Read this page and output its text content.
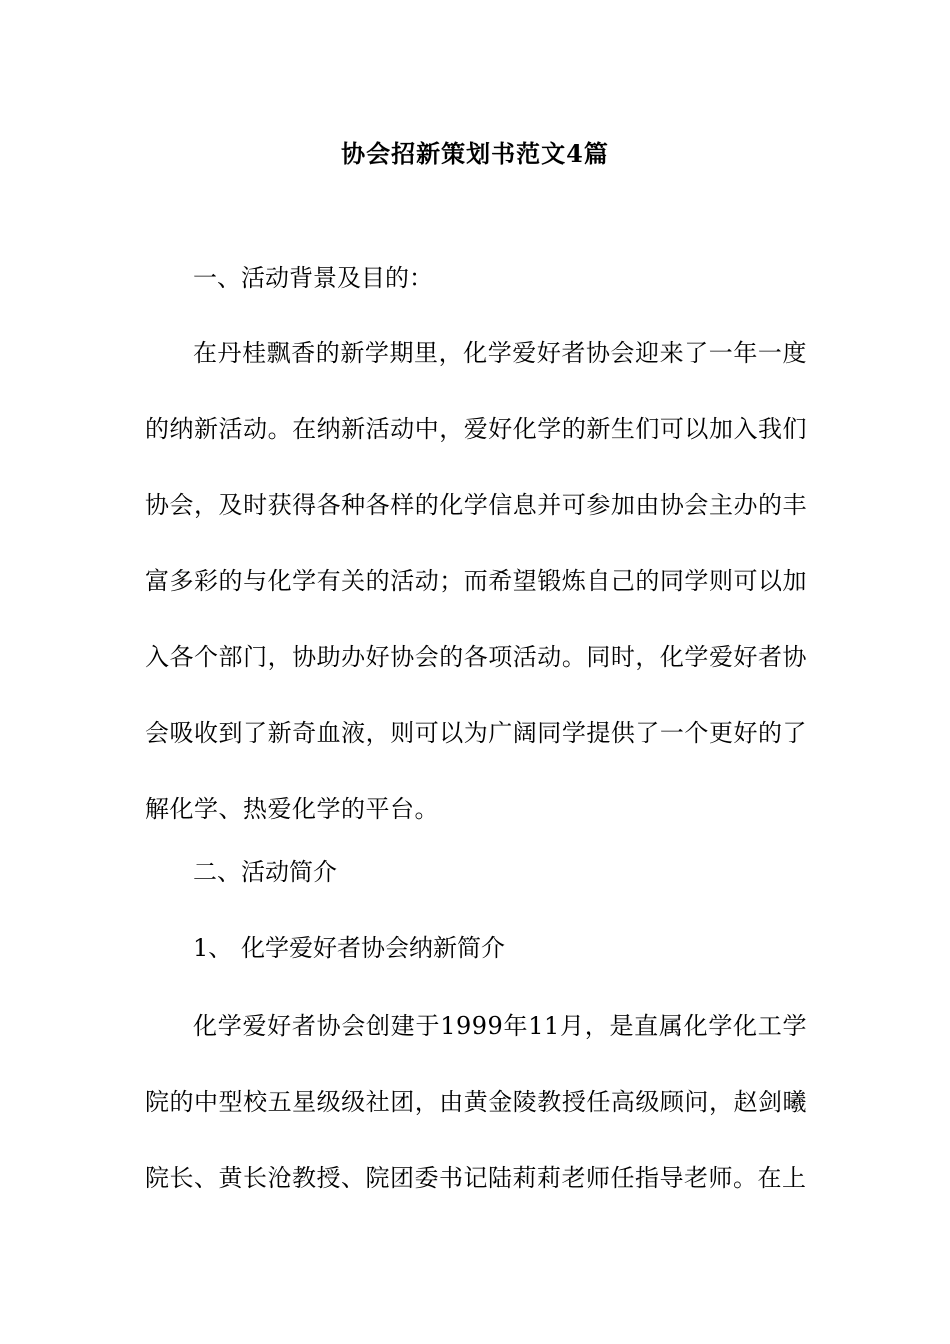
协会招新策划书范文4篇
一、活动背景及目的：
在丹桂飘香的新学期里，化学爱好者协会迎来了一年一度的纳新活动。在纳新活动中，爱好化学的新生们可以加入我们协会，及时获得各种各样的化学信息并可参加由协会主办的丰富多彩的与化学有关的活动；而希望锻炼自己的同学则可以加入各个部门，协助办好协会的各项活动。同时，化学爱好者协会吸收到了新奇血液，则可以为广阔同学提供了一个更好的了解化学、热爱化学的平台。
二、活动简介
1、 化学爱好者协会纳新简介
化学爱好者协会创建于1999年11月，是直属化学化工学院的中型校五星级级社团，由黄金陵教授任高级顾问，赵剑曦院长、黄长沧教授、院团委书记陆莉莉老师任指导老师。在上
